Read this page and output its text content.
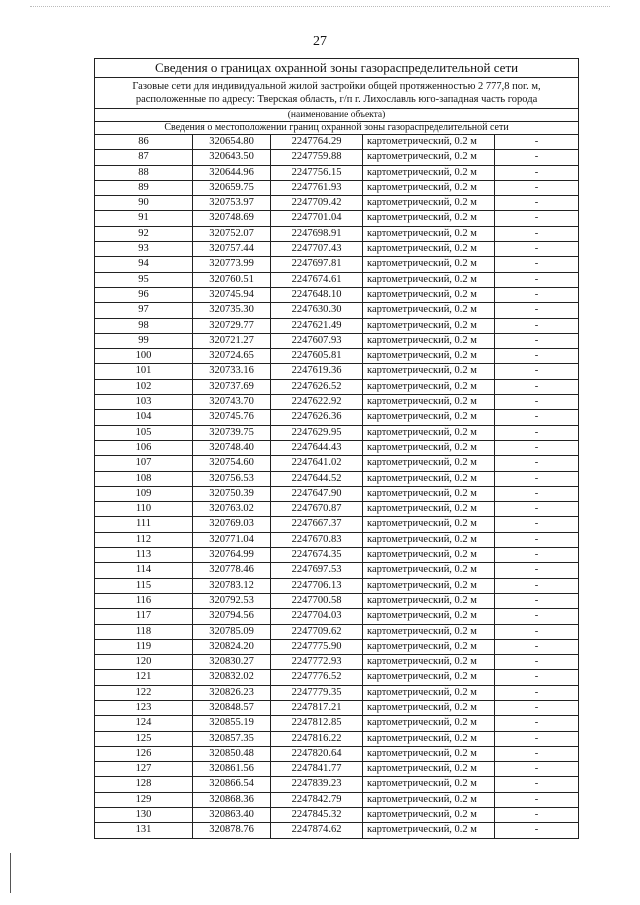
27
Сведения о границах охранной зоны газораспределительной сети				

Газовые сети для индивидуальной жилой застройки общей протяженностью 2 777,8 пог. м,
расположенные по адресу: Тверская область, г/п г. Лихославль юго-западная часть города
(наименование объекта)				

Сведения о местоположении границ охранной зоны газораспределительной сети				
86	320654.80	2247764.29	картометрический, 0.2 м	-
87	320643.50	2247759.88	картометрический, 0.2 м	-
88	320644.96	2247756.15	картометрический, 0.2 м	-
89	320659.75	2247761.93	картометрический, 0.2 м	-
90	320753.97	2247709.42	картометрический, 0.2 м	-
91	320748.69	2247701.04	картометрический, 0.2 м	-
92	320752.07	2247698.91	картометрический, 0.2 м	-
93	320757.44	2247707.43	картометрический, 0.2 м	-
94	320773.99	2247697.81	картометрический, 0.2 м	-
95	320760.51	2247674.61	картометрический, 0.2 м	-
96	320745.94	2247648.10	картометрический, 0.2 м	-
97	320735.30	2247630.30	картометрический, 0.2 м	-
98	320729.77	2247621.49	картометрический, 0.2 м	-
99	320721.27	2247607.93	картометрический, 0.2 м	-
100	320724.65	2247605.81	картометрический, 0.2 м	-
101	320733.16	2247619.36	картометрический, 0.2 м	-
102	320737.69	2247626.52	картометрический, 0.2 м	-
103	320743.70	2247622.92	картометрический, 0.2 м	-
104	320745.76	2247626.36	картометрический, 0.2 м	-
105	320739.75	2247629.95	картометрический, 0.2 м	-
106	320748.40	2247644.43	картометрический, 0.2 м	-
107	320754.60	2247641.02	картометрический, 0.2 м	-
108	320756.53	2247644.52	картометрический, 0.2 м	-
109	320750.39	2247647.90	картометрический, 0.2 м	-
110	320763.02	2247670.87	картометрический, 0.2 м	-
111	320769.03	2247667.37	картометрический, 0.2 м	-
112	320771.04	2247670.83	картометрический, 0.2 м	-
113	320764.99	2247674.35	картометрический, 0.2 м	-
114	320778.46	2247697.53	картометрический, 0.2 м	-
115	320783.12	2247706.13	картометрический, 0.2 м	-
116	320792.53	2247700.58	картометрический, 0.2 м	-
117	320794.56	2247704.03	картометрический, 0.2 м	-
118	320785.09	2247709.62	картометрический, 0.2 м	-
119	320824.20	2247775.90	картометрический, 0.2 м	-
120	320830.27	2247772.93	картометрический, 0.2 м	-
121	320832.02	2247776.52	картометрический, 0.2 м	-
122	320826.23	2247779.35	картометрический, 0.2 м	-
123	320848.57	2247817.21	картометрический, 0.2 м	-
124	320855.19	2247812.85	картометрический, 0.2 м	-
125	320857.35	2247816.22	картометрический, 0.2 м	-
126	320850.48	2247820.64	картометрический, 0.2 м	-
127	320861.56	2247841.77	картометрический, 0.2 м	-
128	320866.54	2247839.23	картометрический, 0.2 м	-
129	320868.36	2247842.79	картометрический, 0.2 м	-
130	320863.40	2247845.32	картометрический, 0.2 м	-
131	320878.76	2247874.62	картометрический, 0.2 м	-
